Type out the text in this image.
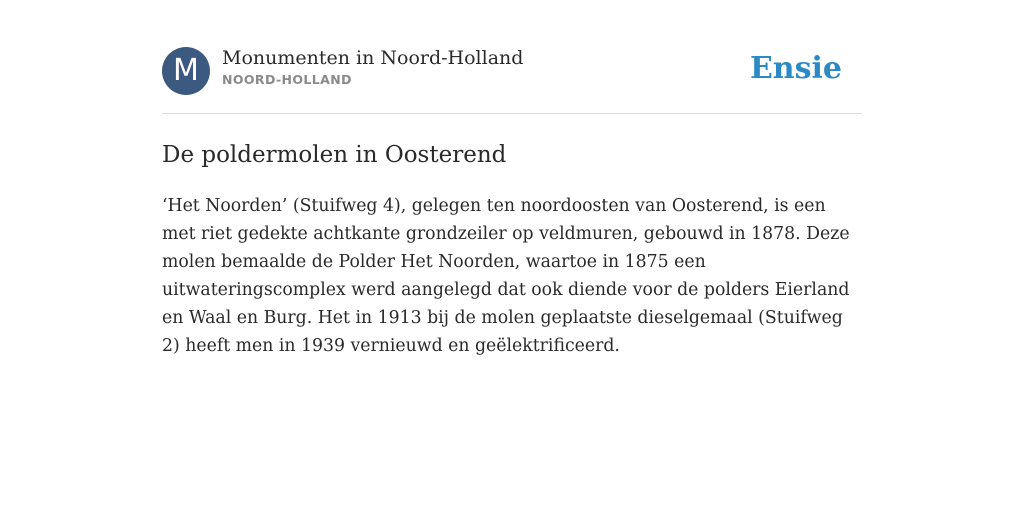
M	Monumenten in Noord-Holland
NOORD-HOLLAND	Ensie
De poldermolen in Oosterend

‘Het Noorden’ (Stuifweg 4), gelegen ten noordoosten van Oosterend, is een met riet gedekte achtkante grondzeiler op veldmuren, gebouwd in 1878. Deze molen bemaalde de Polder Het Noorden, waartoe in 1875 een uitwateringscomplex werd aangelegd dat ook diende voor de polders Eierland en Waal en Burg. Het in 1913 bij de molen geplaatste dieselgemaal (Stuifweg 2) heeft men in 1939 vernieuwd en geëlektrificeerd.
